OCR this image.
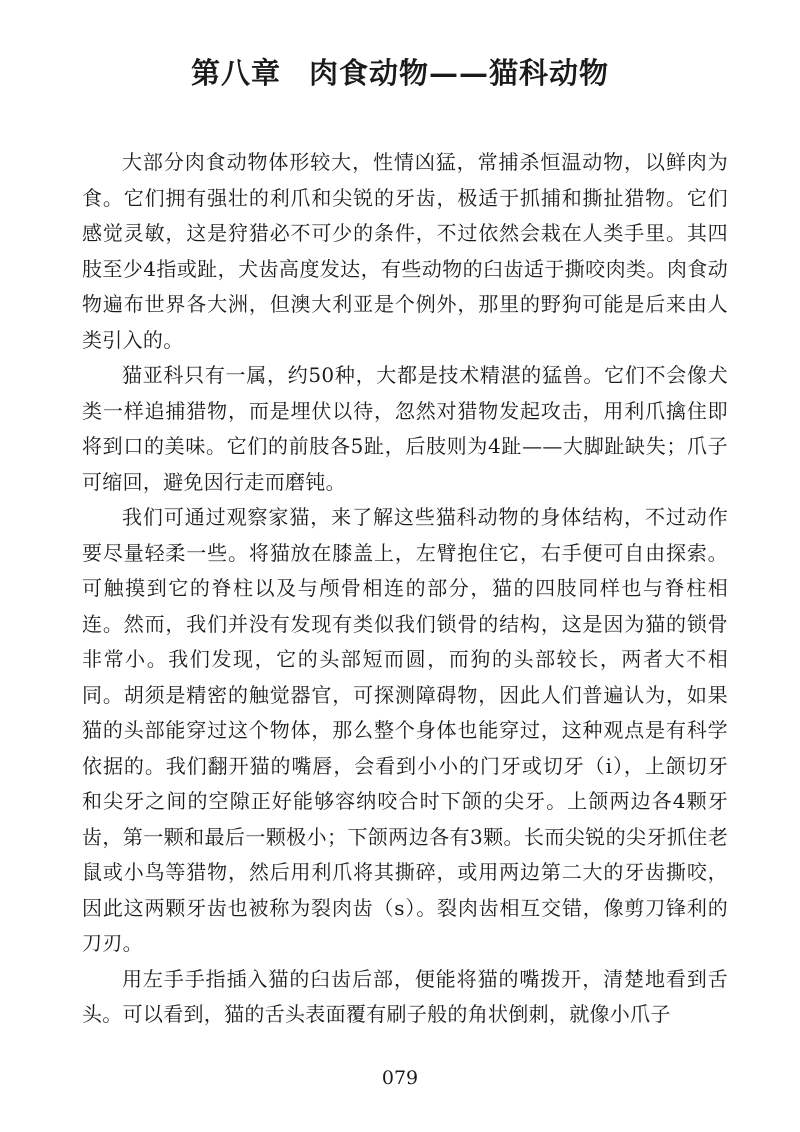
第八章 肉食动物——猫科动物

大部分肉食动物体形较大，性情凶猛，常捕杀恒温动物，以鲜肉为食。它们拥有强壮的利爪和尖锐的牙齿，极适于抓捕和撕扯猎物。它们感觉灵敏，这是狩猎必不可少的条件，不过依然会栽在人类手里。其四肢至少4指或趾，犬齿高度发达，有些动物的臼齿适于撕咬肉类。肉食动物遍布世界各大洲，但澳大利亚是个例外，那里的野狗可能是后来由人类引入的。

猫亚科只有一属，约50种，大都是技术精湛的猛兽。它们不会像犬类一样追捕猎物，而是埋伏以待，忽然对猎物发起攻击，用利爪擒住即将到口的美味。它们的前肢各5趾，后肢则为4趾——大脚趾缺失；爪子可缩回，避免因行走而磨钝。

我们可通过观察家猫，来了解这些猫科动物的身体结构，不过动作要尽量轻柔一些。将猫放在膝盖上，左臂抱住它，右手便可自由探索。可触摸到它的脊柱以及与颅骨相连的部分，猫的四肢同样也与脊柱相连。然而，我们并没有发现有类似我们锁骨的结构，这是因为猫的锁骨非常小。我们发现，它的头部短而圆，而狗的头部较长，两者大不相同。胡须是精密的触觉器官，可探测障碍物，因此人们普遍认为，如果猫的头部能穿过这个物体，那么整个身体也能穿过，这种观点是有科学依据的。我们翻开猫的嘴唇，会看到小小的门牙或切牙（i），上颌切牙和尖牙之间的空隙正好能够容纳咬合时下颌的尖牙。上颌两边各4颗牙齿，第一颗和最后一颗极小；下颌两边各有3颗。长而尖锐的尖牙抓住老鼠或小鸟等猎物，然后用利爪将其撕碎，或用两边第二大的牙齿撕咬，因此这两颗牙齿也被称为裂肉齿（s）。裂肉齿相互交错，像剪刀锋利的刀刃。

用左手手指插入猫的臼齿后部，便能将猫的嘴拨开，清楚地看到舌头。可以看到，猫的舌头表面覆有刷子般的角状倒刺，就像小爪子

079
